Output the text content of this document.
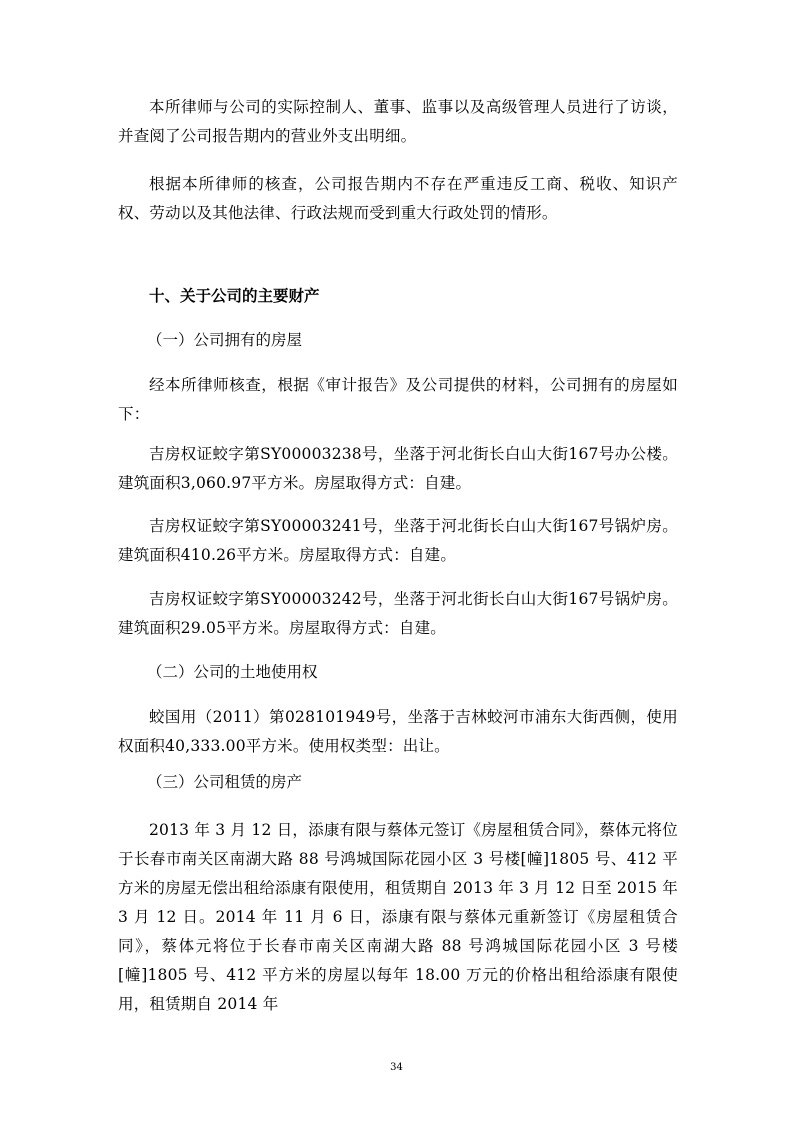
本所律师与公司的实际控制人、董事、监事以及高级管理人员进行了访谈，并查阅了公司报告期内的营业外支出明细。

根据本所律师的核查，公司报告期内不存在严重违反工商、税收、知识产权、劳动以及其他法律、行政法规而受到重大行政处罚的情形。

十、关于公司的主要财产

（一）公司拥有的房屋

经本所律师核查，根据《审计报告》及公司提供的材料，公司拥有的房屋如下：

吉房权证蛟字第SY00003238号，坐落于河北街长白山大街167号办公楼。建筑面积3,060.97平方米。房屋取得方式：自建。

吉房权证蛟字第SY00003241号，坐落于河北街长白山大街167号锅炉房。建筑面积410.26平方米。房屋取得方式：自建。

吉房权证蛟字第SY00003242号，坐落于河北街长白山大街167号锅炉房。建筑面积29.05平方米。房屋取得方式：自建。

（二）公司的土地使用权

蛟国用（2011）第028101949号，坐落于吉林蛟河市浦东大街西侧，使用权面积40,333.00平方米。使用权类型：出让。

（三）公司租赁的房产

2013 年 3 月 12 日，添康有限与蔡体元签订《房屋租赁合同》，蔡体元将位于长春市南关区南湖大路 88 号鸿城国际花园小区 3 号楼[幢]1805 号、412 平方米的房屋无偿出租给添康有限使用，租赁期自 2013 年 3 月 12 日至 2015 年 3 月 12 日。2014 年 11 月 6 日，添康有限与蔡体元重新签订《房屋租赁合同》，蔡体元将位于长春市南关区南湖大路 88 号鸿城国际花园小区 3 号楼[幢]1805 号、412 平方米的房屋以每年 18.00 万元的价格出租给添康有限使用，租赁期自 2014 年

34
